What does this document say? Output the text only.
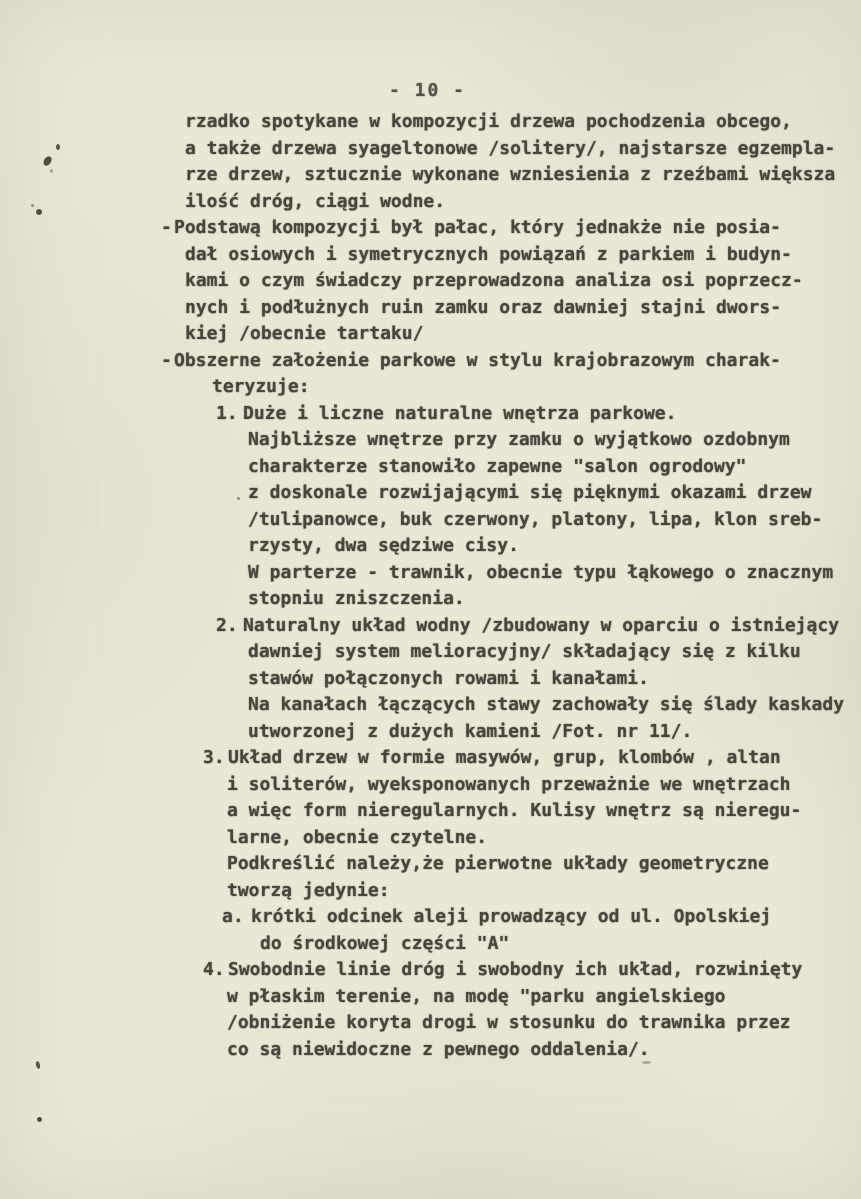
- 10 -
rzadko spotykane w kompozycji drzewa pochodzenia obcego,
a także drzewa syageltonowe /solitery/, najstarsze egzempla-
rze drzew, sztucznie wykonane wzniesienia z rzeźbami większa
ilość dróg, ciągi wodne.
- Podstawą kompozycji był pałac, który jednakże nie posia-
dał osiowych i symetrycznych powiązań z parkiem i budyn-
kami o czym świadczy przeprowadzona analiza osi poprzecz-
nych i podłużnych ruin zamku oraz dawniej stajni dwors-
kiej /obecnie tartaku/
- Obszerne założenie parkowe w stylu krajobrazowym charak-
teryzuje:
1. Duże i liczne naturalne wnętrza parkowe.
Najbliższe wnętrze przy zamku o wyjątkowo ozdobnym
charakterze stanowiło zapewne "salon ogrodowy"
z doskonale rozwijającymi się pięknymi okazami drzew
/tulipanowce, buk czerwony, platony, lipa, klon sreb-
rzysty, dwa sędziwe cisy.
W parterze - trawnik, obecnie typu łąkowego o znacznym
stopniu zniszczenia.
2. Naturalny układ wodny /zbudowany w oparciu o istniejący
dawniej system melioracyjny/ składający się z kilku
stawów połączonych rowami i kanałami.
Na kanałach łączących stawy zachowały się ślady kaskady
utworzonej z dużych kamieni /Fot. nr 11/.
3. Układ drzew w formie masywów, grup, klombów , altan
i soliterów, wyeksponowanych przeważnie we wnętrzach
a więc form nieregularnych. Kulisy wnętrz są nieregu-
larne, obecnie czytelne.
Podkreślić należy,że pierwotne układy geometryczne
tworzą jedynie:
a. krótki odcinek aleji prowadzący od ul. Opolskiej
do środkowej części "A"
4. Swobodnie linie dróg i swobodny ich układ, rozwinięty
w płaskim terenie, na modę "parku angielskiego
/obniżenie koryta drogi w stosunku do trawnika przez
co są niewidoczne z pewnego oddalenia/.
